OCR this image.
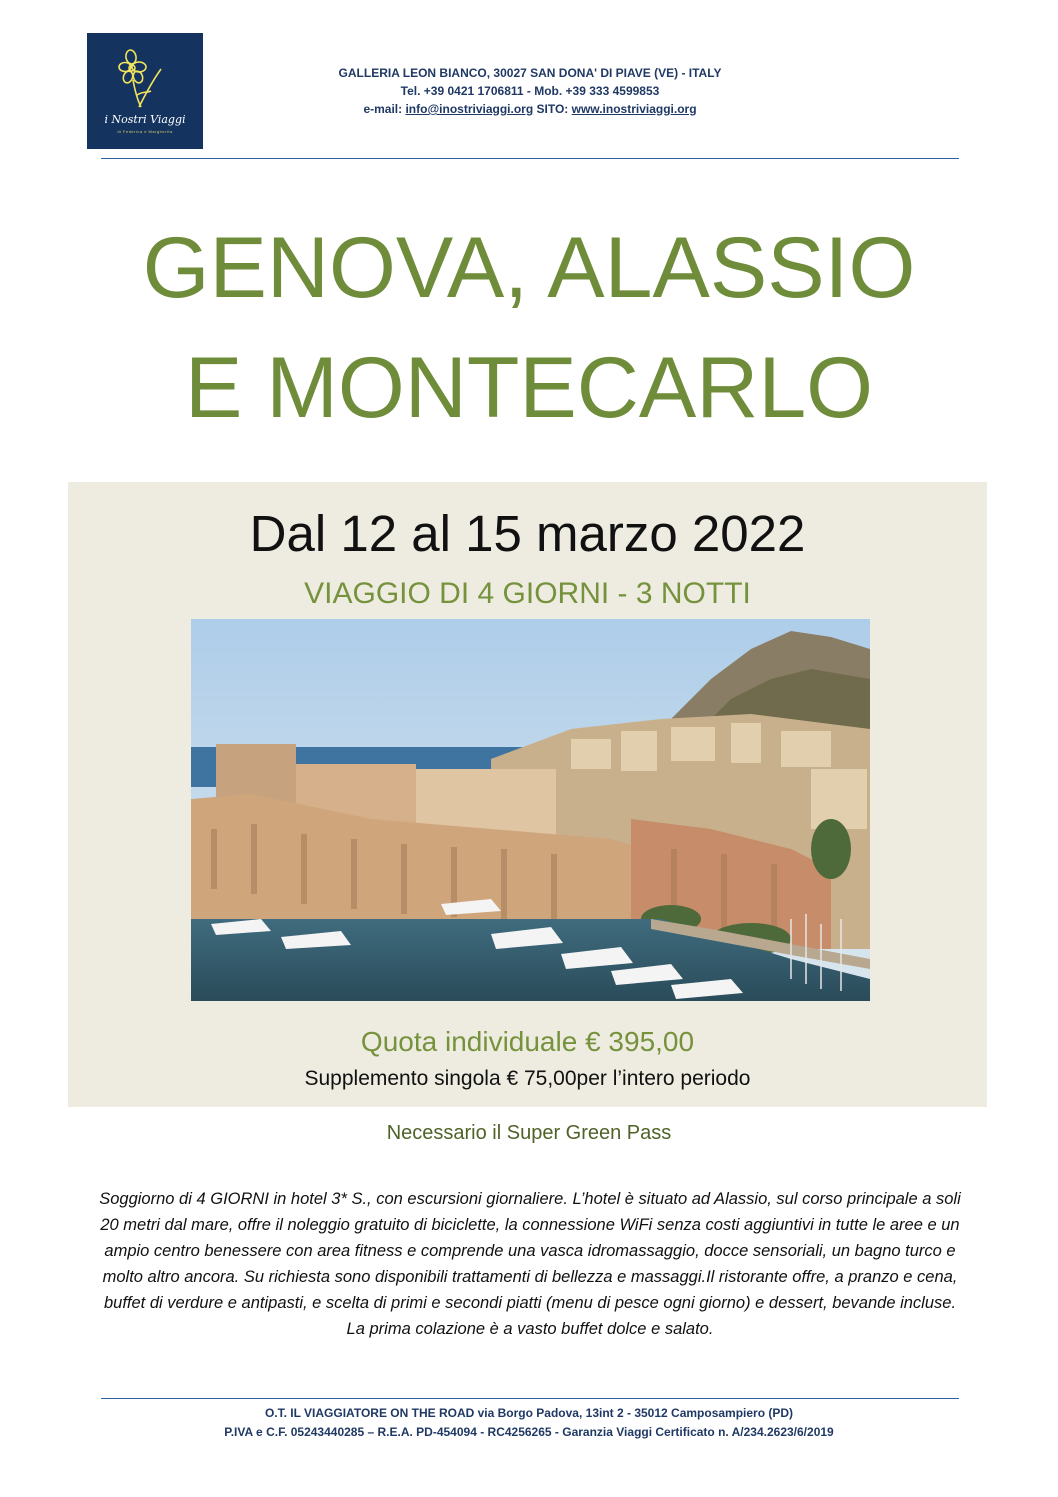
i Nostri Viaggi
di Federica e Margherita
GALLERIA LEON BIANCO, 30027 SAN DONA' DI PIAVE (VE) - ITALY
Tel. +39 0421 1706811 - Mob. +39 333 4599853
e-mail: info@inostriviaggi.org SITO: www.inostriviaggi.org
GENOVA, ALASSIO
E MONTECARLO
Dal 12 al 15 marzo 2022
VIAGGIO DI 4 GIORNI - 3 NOTTI
Quota individuale € 395,00
Supplemento singola € 75,00per l’intero periodo
Necessario il Super Green Pass
Soggiorno di 4 GIORNI in hotel 3* S., con escursioni giornaliere. L’hotel è situato ad Alassio, sul corso principale a soli 20 metri dal mare, offre il noleggio gratuito di biciclette, la connessione WiFi senza costi aggiuntivi in tutte le aree e un ampio centro benessere con area fitness e comprende una vasca idromassaggio, docce sensoriali, un bagno turco e molto altro ancora. Su richiesta sono disponibili trattamenti di bellezza e massaggi.Il ristorante offre, a pranzo e cena, buffet di verdure e antipasti, e scelta di primi e secondi piatti (menu di pesce ogni giorno) e dessert, bevande incluse. La prima colazione è a vasto buffet dolce e salato.
O.T. IL VIAGGIATORE ON THE ROAD via Borgo Padova, 13int 2 - 35012 Camposampiero (PD)
P.IVA e C.F. 05243440285 – R.E.A. PD-454094 - RC4256265 - Garanzia Viaggi Certificato n. A/234.2623/6/2019
